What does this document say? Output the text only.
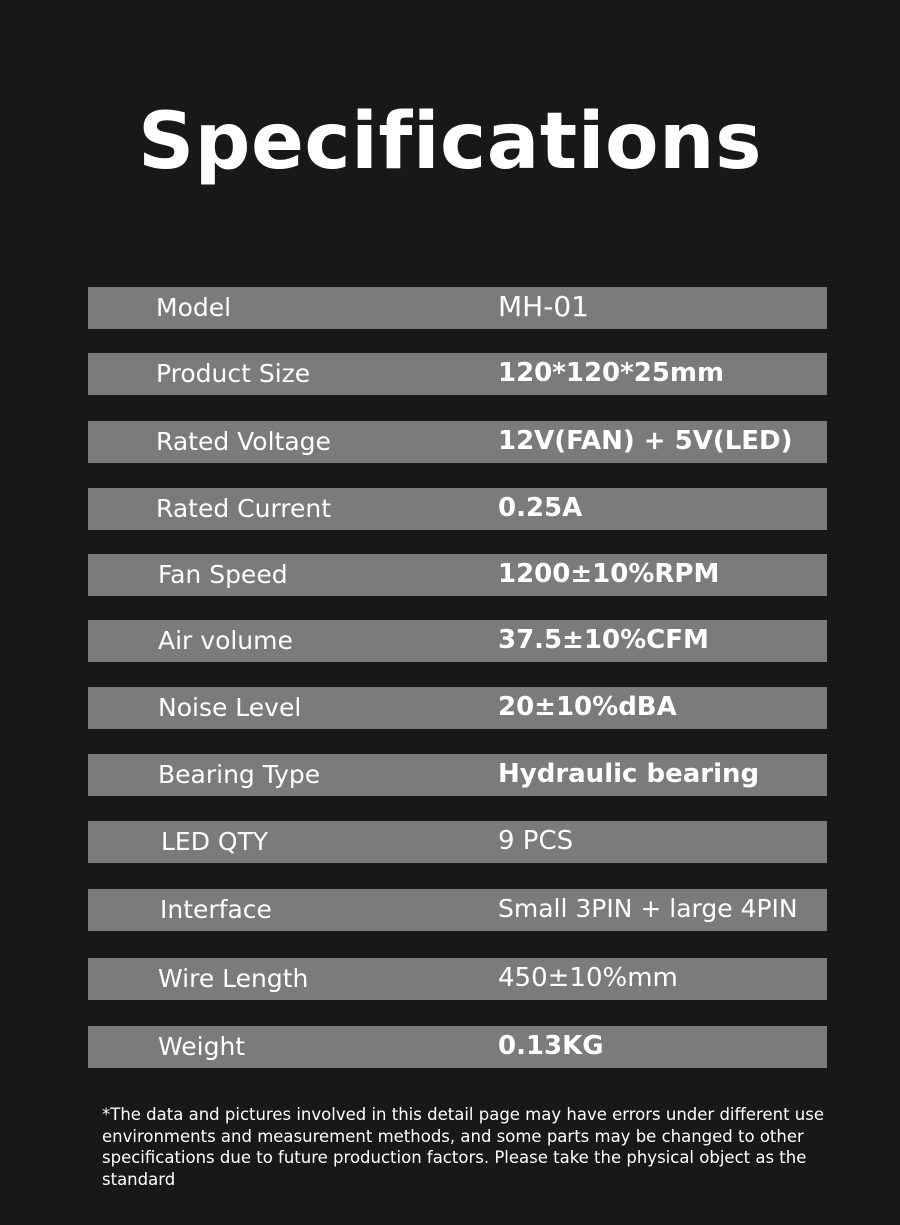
Specifications
Model	MH-01
Product Size	120*120*25mm
Rated Voltage	12V(FAN) + 5V(LED)
Rated Current	0.25A
Fan Speed	1200±10%RPM
Air volume	37.5±10%CFM
Noise Level	20±10%dBA
Bearing Type	Hydraulic bearing
LED QTY	9 PCS
Interface	Small 3PIN + large 4PIN
Wire Length	450±10%mm
Weight	0.13KG
*The data and pictures involved in this detail page may have errors under different use environments and measurement methods, and some parts may be changed to other specifications due to future production factors. Please take the physical object as the standard
